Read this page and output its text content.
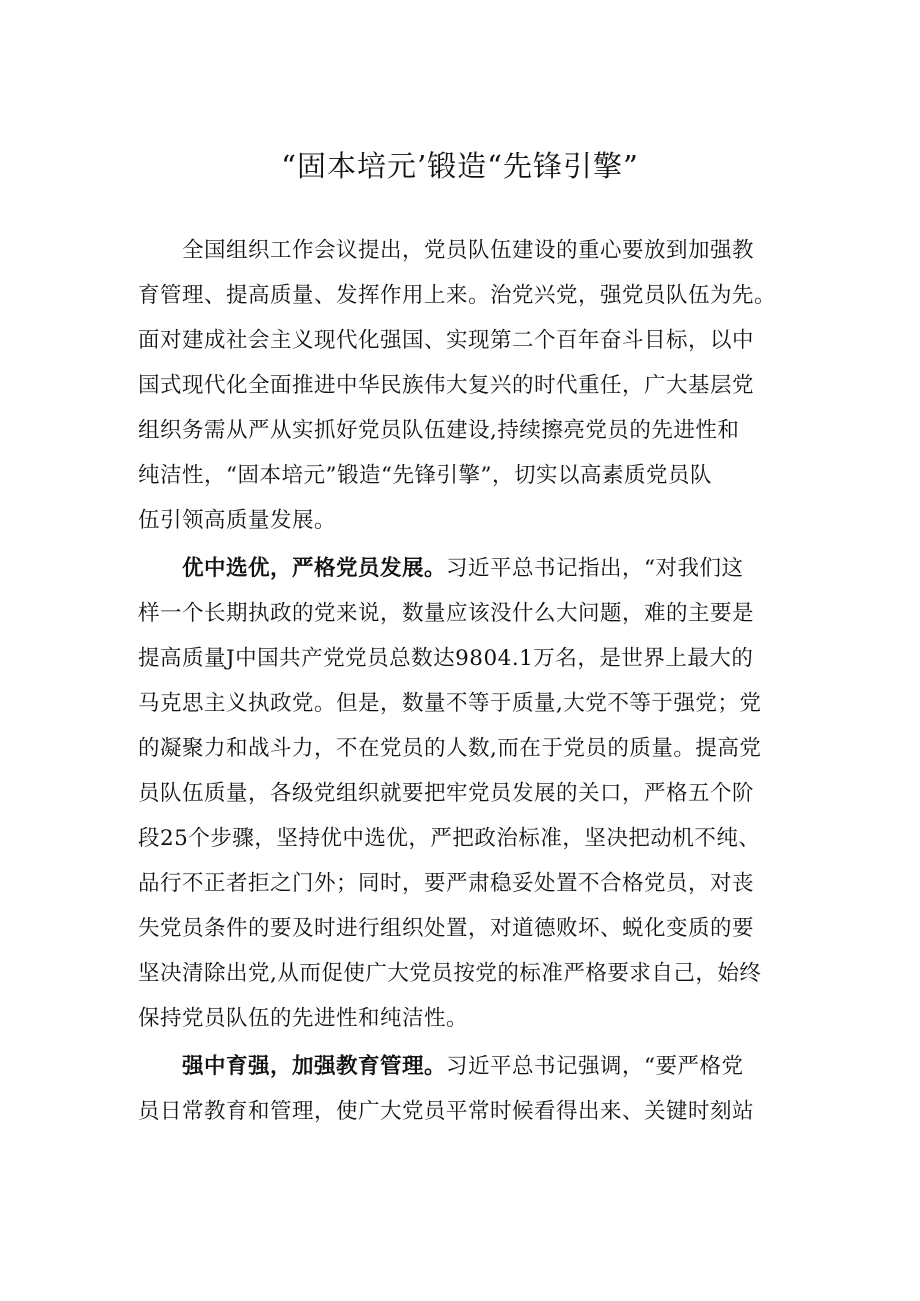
“固本培元’锻造“先锋引擎”
全国组织工作会议提出，党员队伍建设的重心要放到加强教
育管理、提高质量、发挥作用上来。治党兴党，强党员队伍为先。
面对建成社会主义现代化强国、实现第二个百年奋斗目标，以中
国式现代化全面推进中华民族伟大复兴的时代重任，广大基层党
组织务需从严从实抓好党员队伍建设,持续擦亮党员的先进性和
纯洁性，“固本培元”锻造“先锋引擎”，切实以高素质党员队
伍引领高质量发展。
优中选优，严格党员发展。习近平总书记指出，“对我们这
样一个长期执政的党来说，数量应该没什么大问题，难的主要是
提高质量J中国共产党党员总数达9804.1万名，是世界上最大的
马克思主义执政党。但是，数量不等于质量,大党不等于强党；党
的凝聚力和战斗力，不在党员的人数,而在于党员的质量。提高党
员队伍质量，各级党组织就要把牢党员发展的关口，严格五个阶
段25个步骤，坚持优中选优，严把政治标准，坚决把动机不纯、
品行不正者拒之门外；同时，要严肃稳妥处置不合格党员，对丧
失党员条件的要及时进行组织处置，对道德败坏、蜕化变质的要
坚决清除出党,从而促使广大党员按党的标准严格要求自己，始终
保持党员队伍的先进性和纯洁性。
强中育强，加强教育管理。习近平总书记强调，“要严格党
员日常教育和管理，使广大党员平常时候看得出来、关键时刻站
